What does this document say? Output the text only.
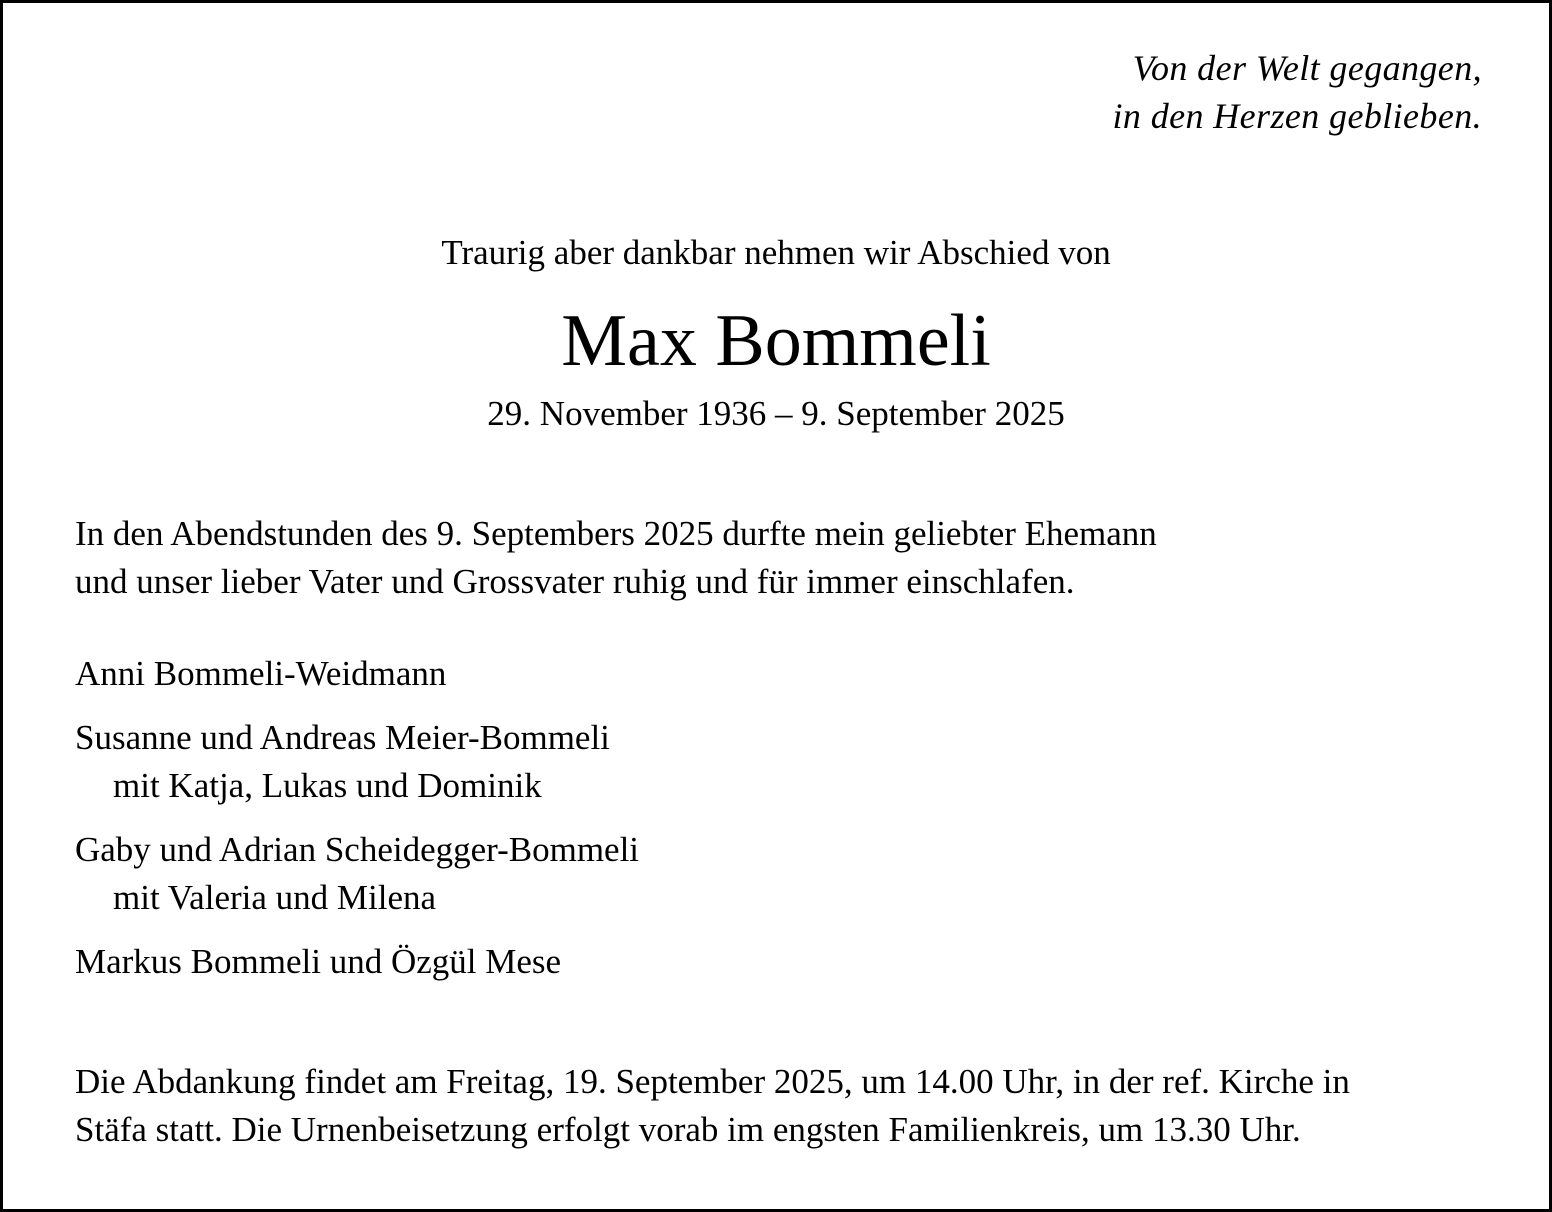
Von der Welt gegangen,
in den Herzen geblieben.
Traurig aber dankbar nehmen wir Abschied von
Max Bommeli
29. November 1936 – 9. September 2025
In den Abendstunden des 9. Septembers 2025 durfte mein geliebter Ehemann
und unser lieber Vater und Grossvater ruhig und für immer einschlafen.
Anni Bommeli-Weidmann
Susanne und Andreas Meier-Bommeli
mit Katja, Lukas und Dominik
Gaby und Adrian Scheidegger-Bommeli
mit Valeria und Milena
Markus Bommeli und Özgül Mese
Die Abdankung findet am Freitag, 19. September 2025, um 14.00 Uhr, in der ref. Kirche in
Stäfa statt. Die Urnenbeisetzung erfolgt vorab im engsten Familienkreis, um 13.30 Uhr.
